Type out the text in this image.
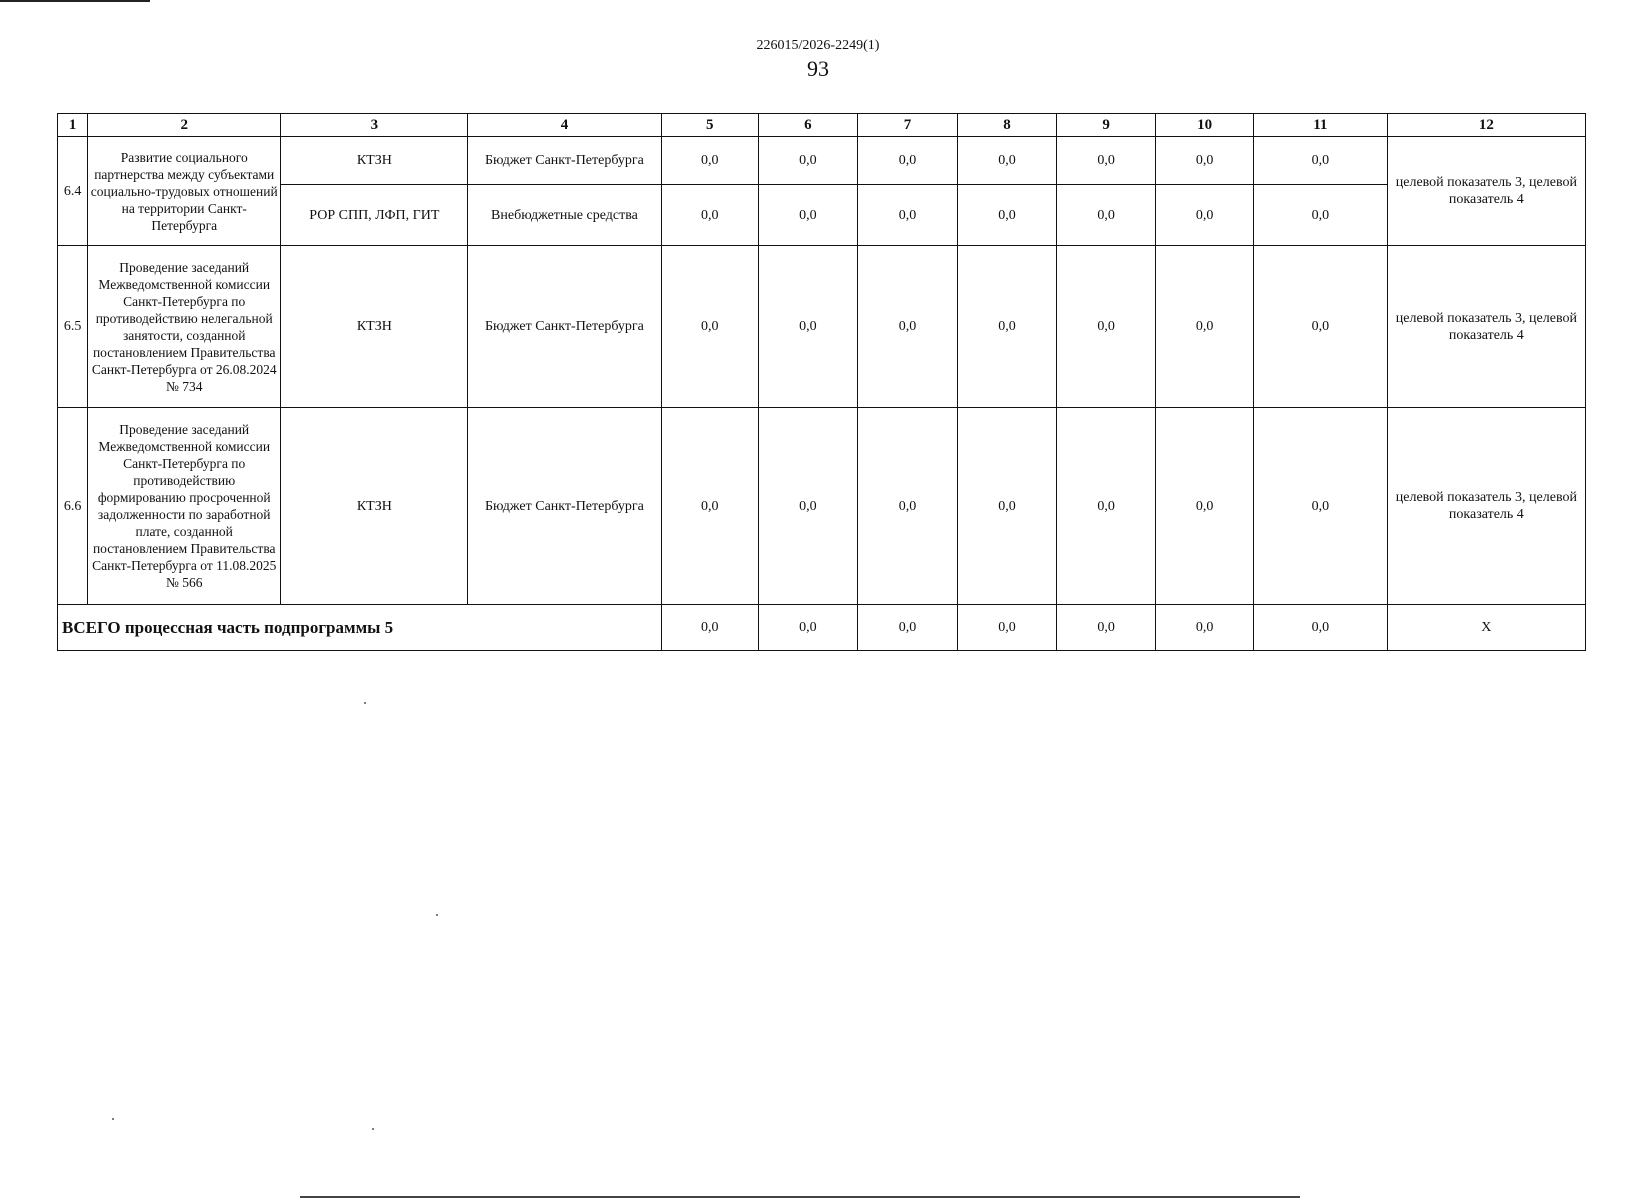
226015/2026-2249(1)
93
1	2	3	4	5	6	7	8	9	10	11	12
6.4	Развитие социального партнерства между субъектами социально-трудовых отношений на территории Санкт-Петербурга	КТЗН	Бюджет Санкт-Петербурга	0,0	0,0	0,0	0,0	0,0	0,0	0,0	целевой показатель 3, целевой показатель 4
		РОР СПП, ЛФП, ГИТ	Внебюджетные средства	0,0	0,0	0,0	0,0	0,0	0,0	0,0	
6.5	Проведение заседаний Межведомственной комиссии Санкт-Петербурга по противодействию нелегальной занятости, созданной постановлением Правительства Санкт-Петербурга от 26.08.2024 № 734	КТЗН	Бюджет Санкт-Петербурга	0,0	0,0	0,0	0,0	0,0	0,0	0,0	целевой показатель 3, целевой показатель 4
6.6	Проведение заседаний Межведомственной комиссии Санкт-Петербурга по противодействию формированию просроченной задолженности по заработной плате, созданной постановлением Правительства Санкт-Петербурга от 11.08.2025 № 566	КТЗН	Бюджет Санкт-Петербурга	0,0	0,0	0,0	0,0	0,0	0,0	0,0	целевой показатель 3, целевой показатель 4
ВСЕГО процессная часть подпрограммы 5				0,0	0,0	0,0	0,0	0,0	0,0	0,0	Х
